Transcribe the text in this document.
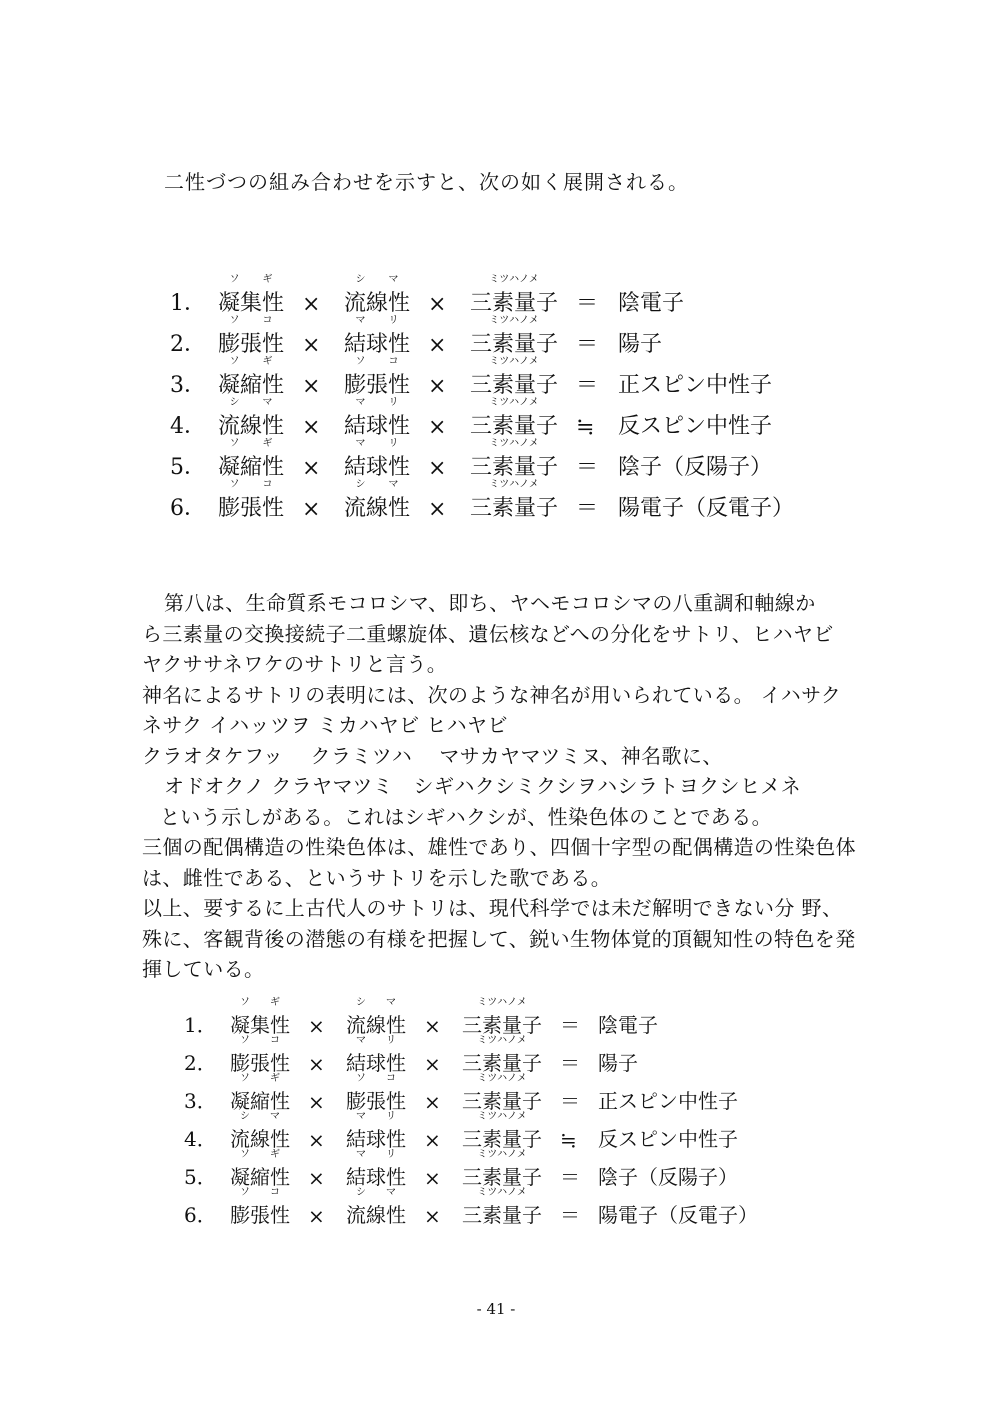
二性づつの組み合わせを示すと、次の如く展開される。
1． 凝集性
ソ ギ
× 流線性
シ マ
× 三素量子
ミツハノメ
＝ 陰電子
2． 膨張性
ソ コ
× 結球性
マ リ
× 三素量子
ミツハノメ
＝ 陽子
3． 凝縮性
ソ ギ
× 膨張性
ソ コ
× 三素量子
ミツハノメ
＝ 正スピン中性子
4． 流線性
シ マ
× 結球性
マ リ
× 三素量子
ミツハノメ
≒ 反スピン中性子
5． 凝縮性
ソ ギ
× 結球性
マ リ
× 三素量子
ミツハノメ
＝ 陰子（反陽子）
6． 膨張性
ソ コ
× 流線性
シ マ
× 三素量子
ミツハノメ
＝ 陽電子（反電子）

第八は、生命質系モコロシマ、即ち、ヤヘモコロシマの八重調和軸線か

ら三素量の交換接続子二重螺旋体、遺伝核などへの分化をサトリ、ヒハヤビ

ヤクササネワケのサトリと言う。

神名によるサトリの表明には、次のような神名が用いられている。 イハサク

ネサク イハッツヲ ミカハヤビ ヒハヤビ

クラオタケフッ　 クラミツハ　 マサカヤマツミヌ、神名歌に、

オドオクノ クラヤマツミ　シギハクシミクシヲハシラトヨクシヒメネ

という示しがある。これはシギハクシが、性染色体のことである。

三個の配偶構造の性染色体は、雄性であり、四個十字型の配偶構造の性染色体

は、雌性である、というサトリを示した歌である。

以上、要するに上古代人のサトリは、現代科学では未だ解明できない分 野、

殊に、客観背後の潜態の有様を把握して、鋭い生物体覚的頂観知性の特色を発

揮している。

1． 凝集性
ソ ギ
× 流線性
シ マ
× 三素量子
ミツハノメ
＝ 陰電子
2． 膨張性
ソ コ
× 結球性
マ リ
× 三素量子
ミツハノメ
＝ 陽子
3． 凝縮性
ソ ギ
× 膨張性
ソ コ
× 三素量子
ミツハノメ
＝ 正スピン中性子
4． 流線性
シ マ
× 結球性
マ リ
× 三素量子
ミツハノメ
≒ 反スピン中性子
5． 凝縮性
ソ ギ
× 結球性
マ リ
× 三素量子
ミツハノメ
＝ 陰子（反陽子）
6． 膨張性
ソ コ
× 流線性
シ マ
× 三素量子
ミツハノメ
＝ 陽電子（反電子）
- 41 -
